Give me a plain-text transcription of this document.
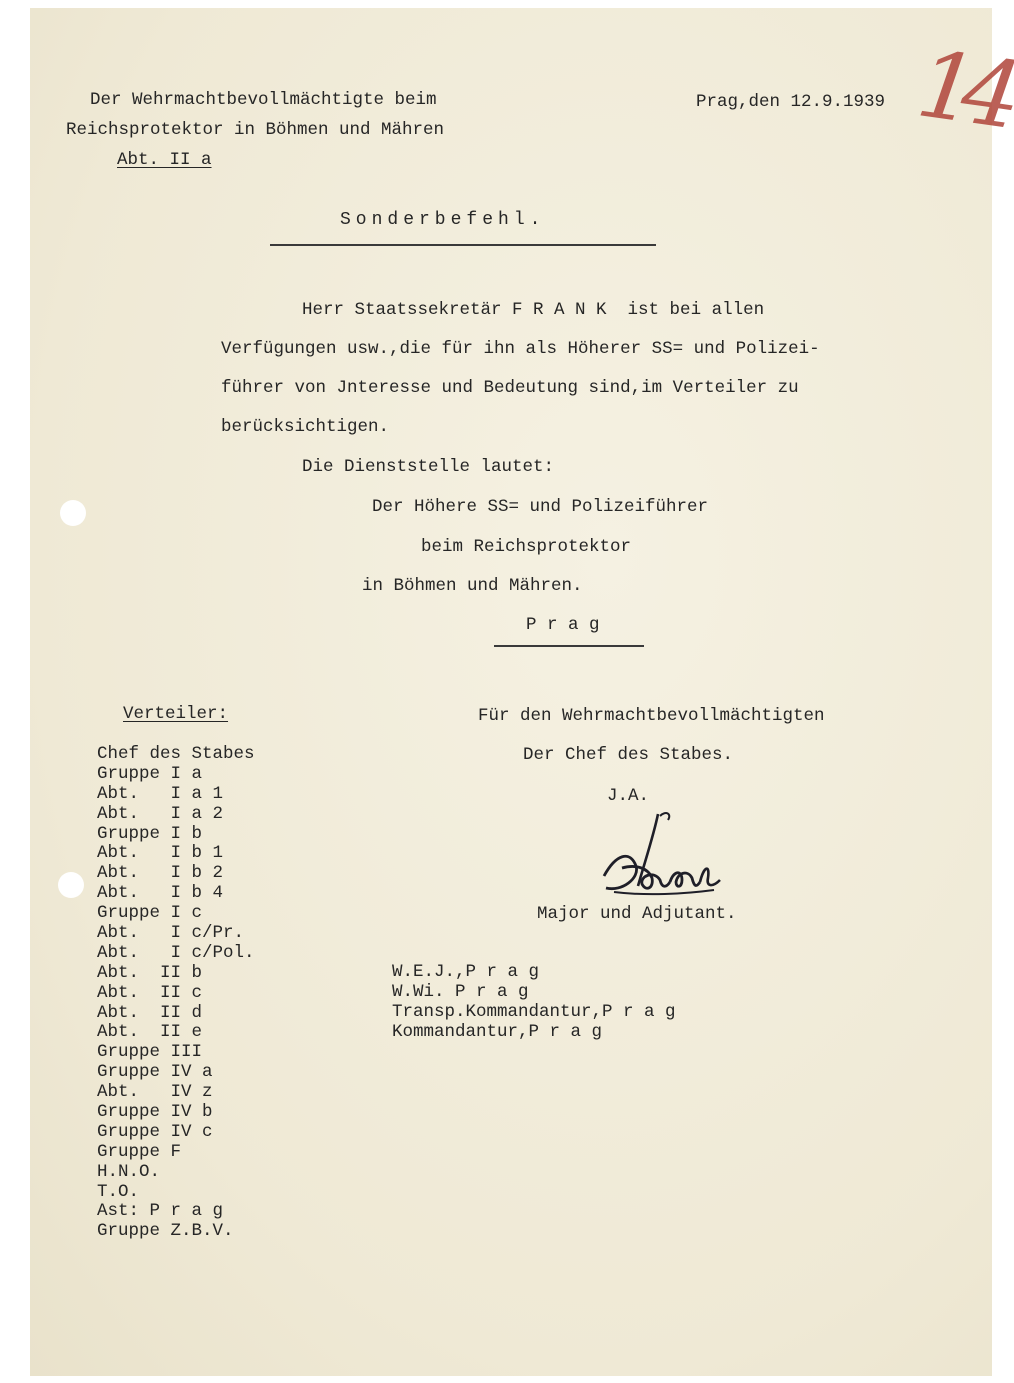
Der Wehrmachtbevollmächtigte beim

Reichsprotektor in Böhmen und Mähren

Abt. II a

Prag,den 12.9.1939 14

Sonderbefehl.

Herr Staatssekretär F R A N K  ist bei allen

Verfügungen usw.,die für ihn als Höherer SS= und Polizei-

führer von Jnteresse und Bedeutung sind,im Verteiler zu

berücksichtigen.

Die Dienststelle lautet:

Der Höhere SS= und Polizeiführer

beim Reichsprotektor

in Böhmen und Mähren.

P r a g

Verteiler:

Chef des Stabes
Gruppe I a
Abt.   I a 1
Abt.   I a 2
Gruppe I b
Abt.   I b 1
Abt.   I b 2
Abt.   I b 4
Gruppe I c
Abt.   I c/Pr.
Abt.   I c/Pol.
Abt.  II b
Abt.  II c
Abt.  II d
Abt.  II e
Gruppe III
Gruppe IV a
Abt.   IV z
Gruppe IV b
Gruppe IV c
Gruppe F
H.N.O.
T.O.
Ast: P r a g
Gruppe Z.B.V.

Für den Wehrmachtbevollmächtigten

Der Chef des Stabes.

J.A.

Major und Adjutant.

W.E.J.,P r a g
W.Wi. P r a g
Transp.Kommandantur,P r a g
Kommandantur,P r a g
